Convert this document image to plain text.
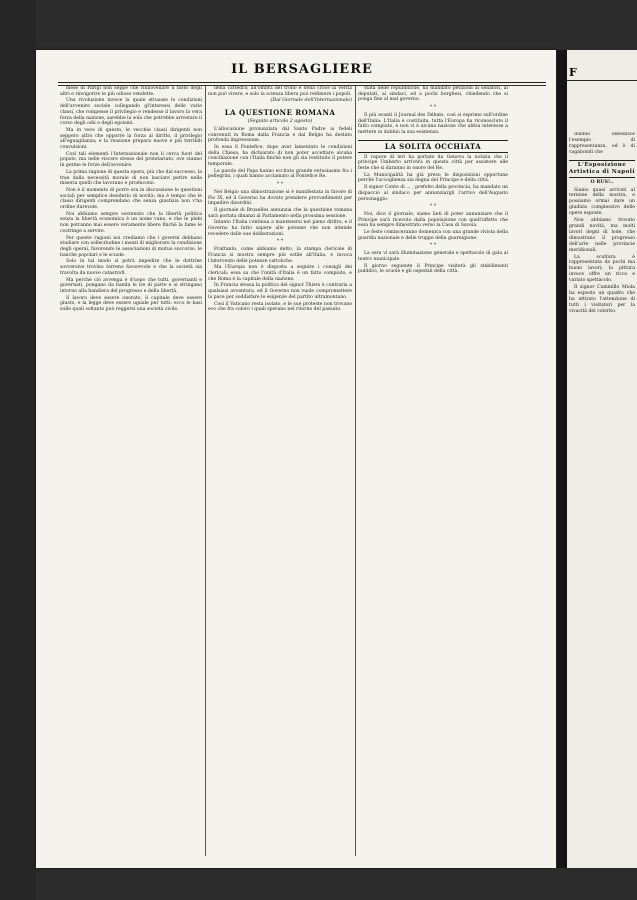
IL BERSAGLIERE

mese di Parigi non seppe che rinnovellare il fasto degli altri e rinvigorire le più odiose vendette.

Una rivoluzione invece la quale attuasse le condizioni dell'avvenire sociale collegando gl'interessi delle varie classi, che rompesse il privilegio e rendesse il lavoro la vera forza della nazione, sarebbe la sola che potrebbe arrestare il corso degli odii e degli egoismi.

Ma in vece di questo, le vecchie classi dirigenti non seppero altro che opporre la forza al diritto, il privilegio all'eguaglianza; e la reazione prepara nuove e più terribili convulsioni.

Così tali elementi l'Internazionale non li cerca fuori del popolo, ma nelle viscere stesse del proletariato, ove stanno in germe le forze dell'avvenire.

La prima ragione di questa opera, più che dal successo, la trae dalla necessità morale di non lasciare perire nella miseria quelli che lavorano e producono.

Non è il momento di porre ora in discussione le questioni sociali per semplice desiderio di novità; ma è tempo che le classi dirigenti comprendano che senza giustizia non v'ha ordine durevole.

Noi abbiamo sempre sostenuto che la libertà politica senza la libertà economica è un nome vano, e che le plebi non potranno mai essere veramente libere finchè la fame le costringe a servire.

Per queste ragioni noi crediamo che i governi debbano studiare con sollecitudine i mezzi di migliorare la condizione degli operai, favorendo le associazioni di mutuo soccorso, le banche popolari e le scuole.

Solo in tal modo si potrà impedire che le dottrine sovversive trovino terreno favorevole e che la società sia travolta da nuove catastrofi.

Ma perchè ciò avvenga è d'uopo che tutti, governanti e governati, pongano da banda le ire di parte e si stringano intorno alla bandiera del progresso e della libertà.

Il lavoro deve essere onorato, il capitale deve essere giusto, e la legge deve essere uguale per tutti: ecco le basi sulle quali soltanto può reggersi una società civile.

della cattedra; all'ombra del trono e della croce la verità non può vivere, e solo la scienza libera può redimere i popoli.

(Dal Giornale dell'Internazionale)
LA QUESTIONE ROMANA
(Seguito articolo 2 agosto)

L'allocuzione pronunziata dal Santo Padre ai fedeli convenuti in Roma dalla Francia e dal Belgio ha destato profonda impressione.

In essa il Pontefice, dopo aver lamentato le condizioni della Chiesa, ha dichiarato di non poter accettare alcuna conciliazione con l'Italia finchè non gli sia restituito il potere temporale.

Le parole del Papa hanno eccitato grande entusiasmo fra i pellegrini, i quali hanno acclamato al Pontefice Re.

* *

Nel Belgio una dimostrazione si è manifestata in favore di Pio IX, ed il Governo ha dovuto prendere provvedimenti per impedire disordini.

Il giornale di Bruxelles annunzia che la questione romana sarà portata dinanzi al Parlamento nella prossima sessione.

Intanto l'Italia continua a mantenersi nel pieno diritto, e il Governo ha fatto sapere alle potenze che non intende recedere dalle sue deliberazioni.

* *

Frattanto, come abbiamo detto, la stampa clericale di Francia si mostra sempre più ostile all'Italia, e invoca l'intervento delle potenze cattoliche.

Ma l'Europa non è disposta a seguire i consigli dei clericali; essa sa che l'unità d'Italia è un fatto compiuto, e che Roma è la capitale della nazione.

In Francia stessa la politica del signor Thiers è contraria a qualsiasi avventura, ed il Governo non vuole compromettere la pace per soddisfare le esigenze del partito ultramontano.

Così il Vaticano resta isolato, e le sue proteste non trovano eco che fra coloro i quali sperano nel ritorno del passato.

stata delle repubbliche, ha mandato petizioni ai senatori, ai deputati, ai sindaci, ed a pochi borghesi, chiedendo che si ponga fine al mal governo.

* *

Il più avanti il Journal des Débats, così si esprime sull'ordine dell'Italia: L'Italia è costituita, tutta l'Europa ha riconosciuto il fatto compiuto, e non vi è alcuna nazione che abbia interesse a mettere in dubbio la sua esistenza.

LA SOLITA OCCHIATA

Il vapore di ieri ha portato da Genova la notizia che il principe Umberto arriverà in questa città per assistere alle feste che si daranno in onore del Re.

La Municipalità ha già preso le disposizioni opportune perchè l'accoglienza sia degna del Principe e della città.

Il signor Conte di ... , prefetto della provincia, ha mandato un dispaccio al sindaco per annunziargli l'arrivo dell'Augusto personaggio.

* *

Noi, dice il giornale, siamo lieti di poter annunziare che il Principe sarà ricevuto dalla popolazione con quell'affetto che essa ha sempre dimostrato verso la Casa di Savoia.

Le feste cominceranno domenica con una grande rivista della guardia nazionale e delle truppe della guarnigione.

* *

La sera vi sarà illuminazione generale e spettacolo di gala al teatro municipale.

Il giorno seguente il Principe visiterà gli stabilimenti pubblici, le scuole e gli ospedali della città.

F

dubbio obbedisce l'esempio di rappresentanza, ed è di vagabondi che

L'Esposizione Artistica di Napoli
O RUS!..

Siamo quasi arrivati al termine della mostra, e possiamo ormai dare un giudizio complessivo delle opere esposte.

Non abbiamo trovato grandi novità, ma molti lavori degni di lode, che dimostrano il progresso dell'arte nelle provincie meridionali.

La scultura è rappresentata da pochi ma buoni lavori; la pittura invece offre un ricco e variato spettacolo.

Il signor Cammillo Miola ha esposto un quadro che ha attirato l'attenzione di tutti i visitatori per la vivacità del colorito.
